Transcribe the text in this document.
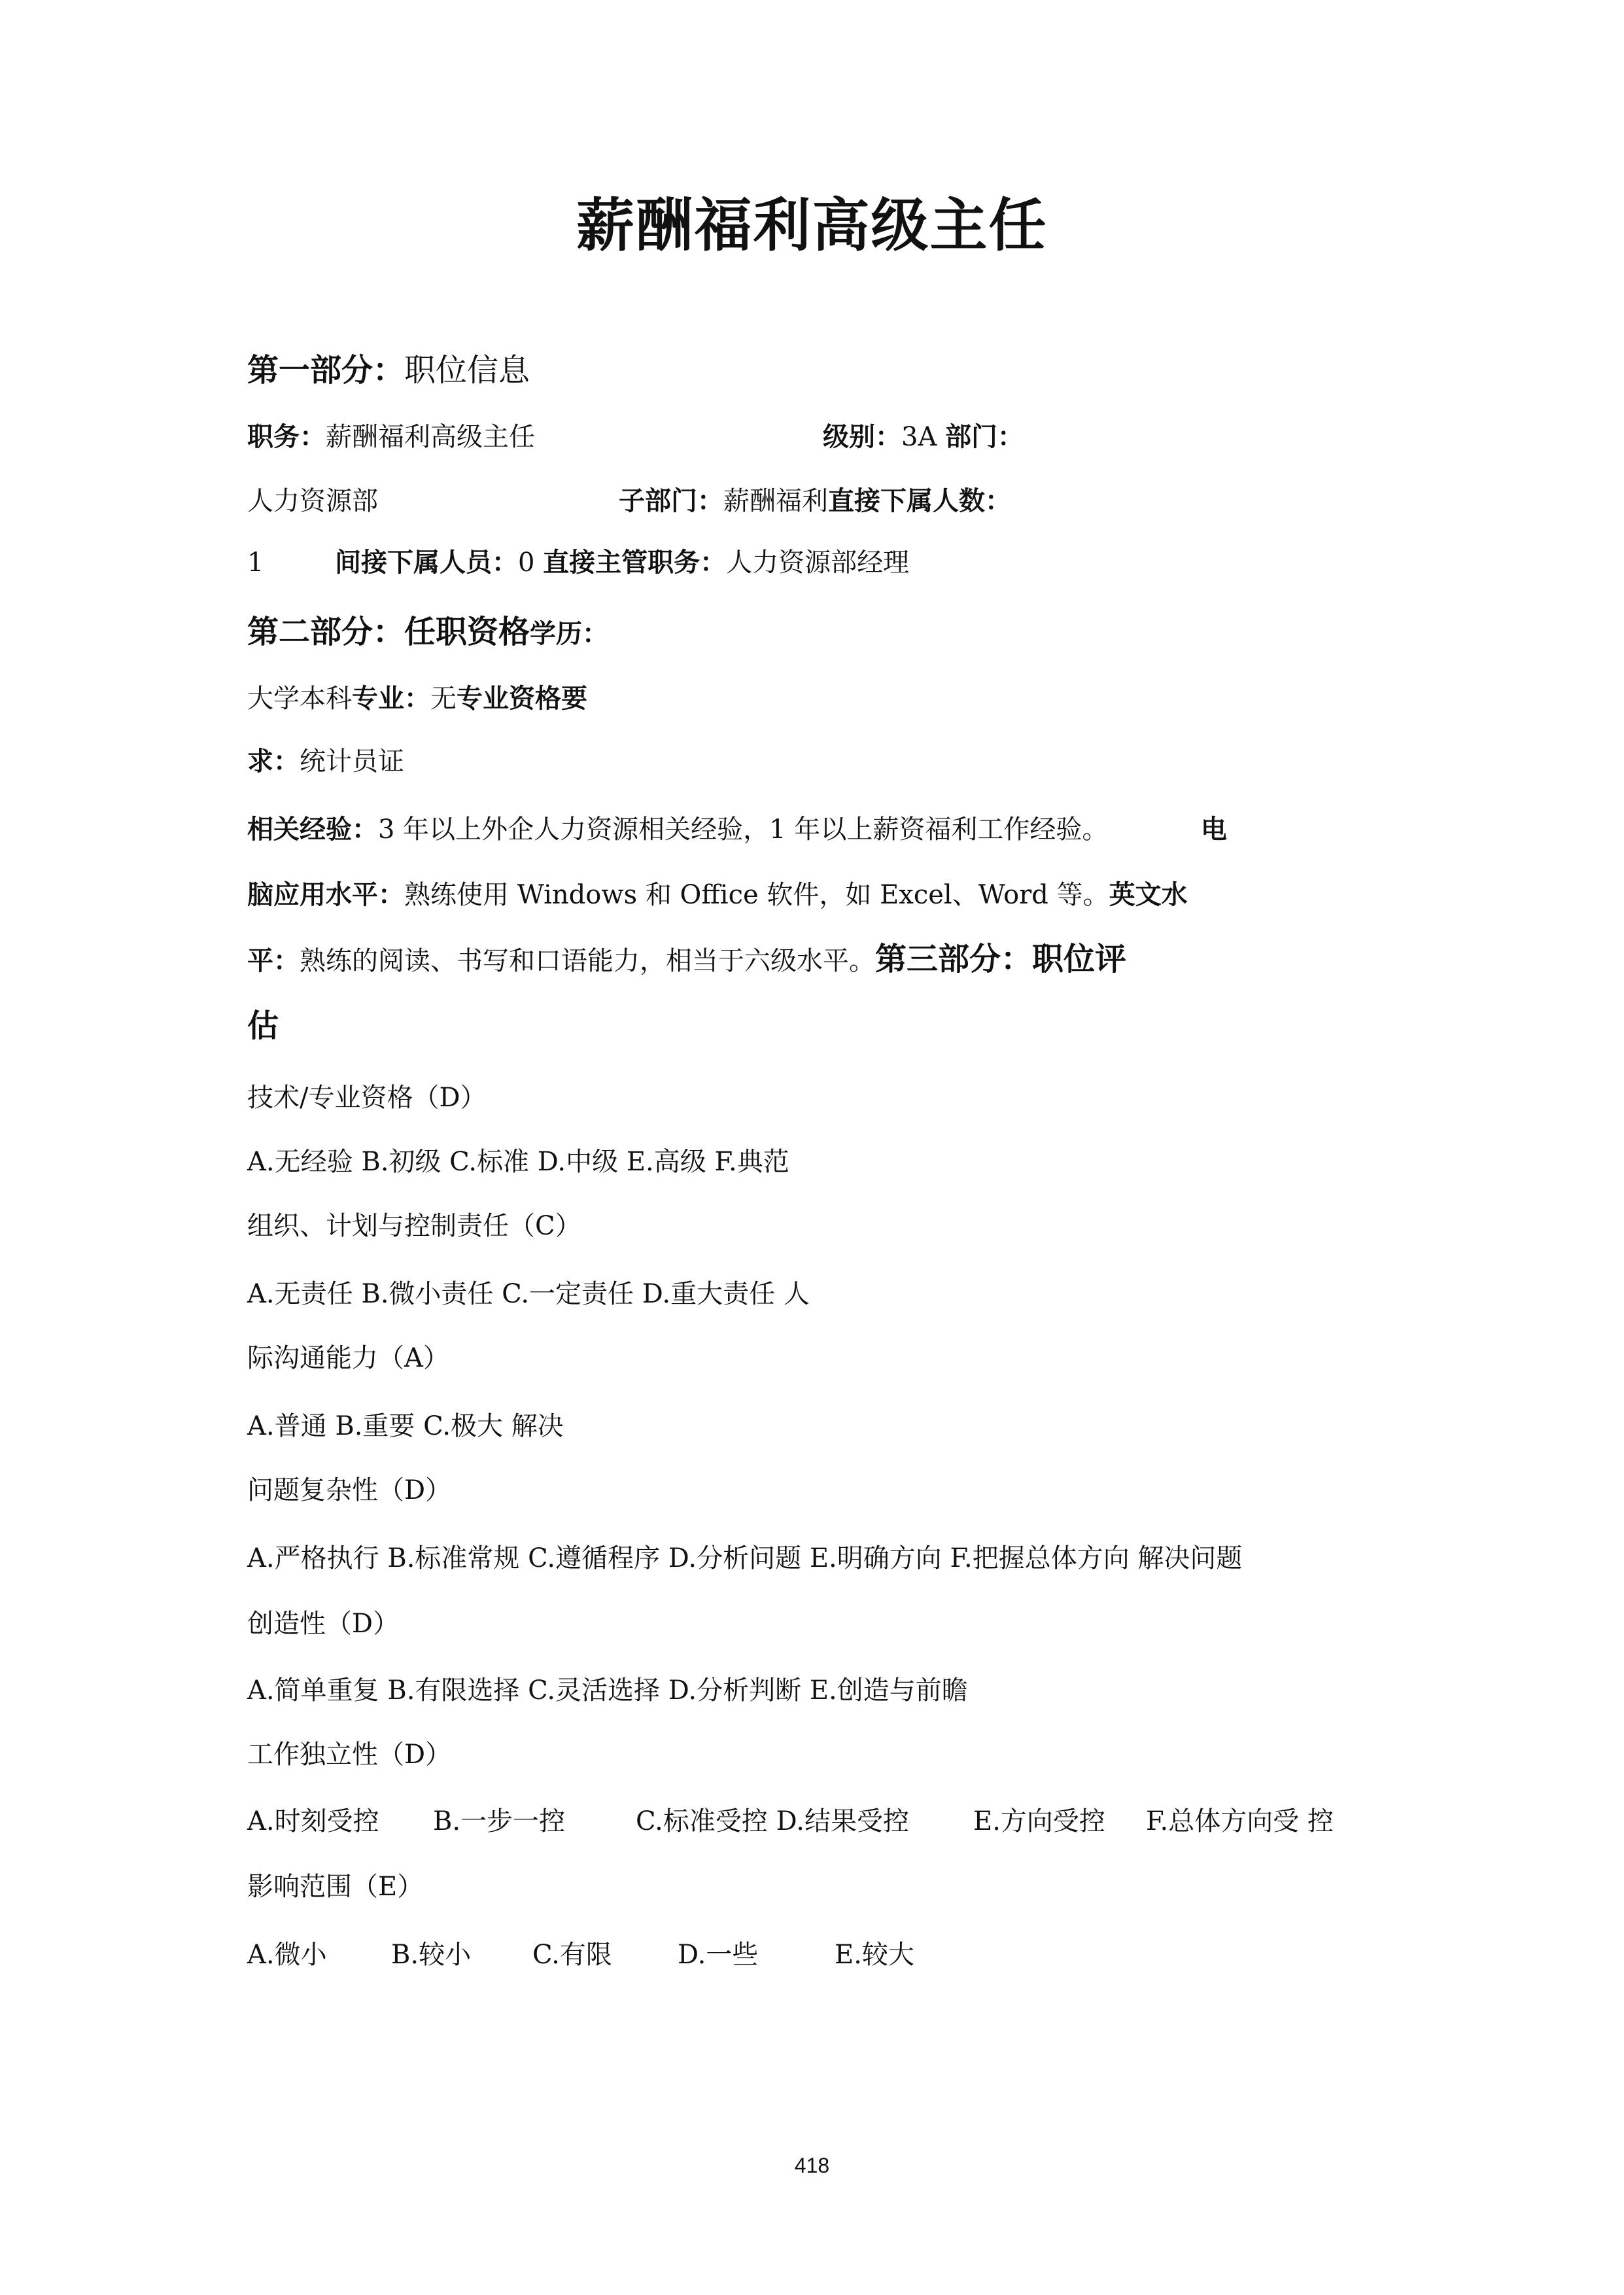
薪酬福利高级主任
第一部分：职位信息
职务：薪酬福利高级主任	级别：3A 部门：
人力资源部	子部门：薪酬福利直接下属人数：
1	间接下属人员：0 直接主管职务：人力资源部经理
第二部分：任职资格学历：
大学本科专业：无专业资格要
求：统计员证
相关经验：3 年以上外企人力资源相关经验，1 年以上薪资福利工作经验。	电
脑应用水平：熟练使用 Windows 和 Office 软件，如 Excel、Word 等。英文水
平：熟练的阅读、书写和口语能力，相当于六级水平。第三部分：职位评
估
技术/专业资格（D）
A.无经验 B.初级 C.标准 D.中级 E.高级 F.典范
组织、计划与控制责任（C）
A.无责任 B.微小责任 C.一定责任 D.重大责任 人
际沟通能力（A）
A.普通 B.重要 C.极大 解决
问题复杂性（D）
A.严格执行 B.标准常规 C.遵循程序 D.分析问题 E.明确方向 F.把握总体方向 解决问题
创造性（D）
A.简单重复 B.有限选择 C.灵活选择 D.分析判断 E.创造与前瞻
工作独立性（D）
A.时刻受控 B.一步一控	C.标准受控 D.结果受控 E.方向受控 F.总体方向受 控
影响范围（E）
A.微小 B.较小 C.有限	D.一些	E.较大
418
